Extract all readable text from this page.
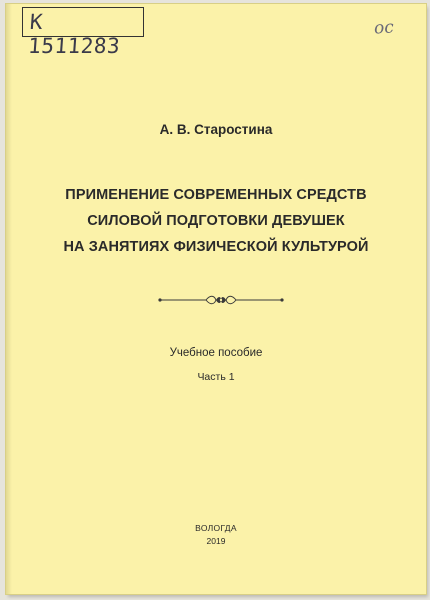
K 1511283
ос
А. В. Старостина
ПРИМЕНЕНИЕ СОВРЕМЕННЫХ СРЕДСТВ
СИЛОВОЙ ПОДГОТОВКИ ДЕВУШЕК
НА ЗАНЯТИЯХ ФИЗИЧЕСКОЙ КУЛЬТУРОЙ
Учебное пособие
Часть 1
ВОЛОГДА
2019
